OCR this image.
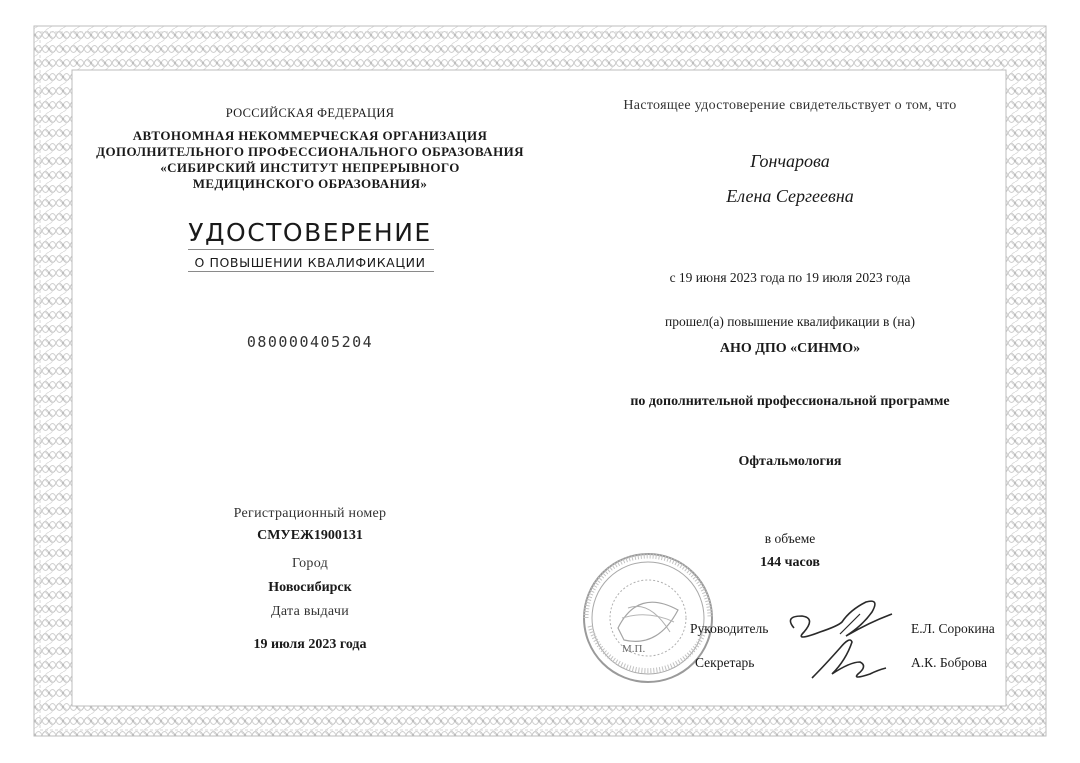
РОССИЙСКАЯ ФЕДЕРАЦИЯ
АВТОНОМНАЯ НЕКОММЕРЧЕСКАЯ ОРГАНИЗАЦИЯ
ДОПОЛНИТЕЛЬНОГО ПРОФЕССИОНАЛЬНОГО ОБРАЗОВАНИЯ
«СИБИРСКИЙ ИНСТИТУТ НЕПРЕРЫВНОГО
МЕДИЦИНСКОГО ОБРАЗОВАНИЯ»
УДОСТОВЕРЕНИЕ
О ПОВЫШЕНИИ КВАЛИФИКАЦИИ
080000405204
Регистрационный номер
СМУЕЖ1900131
Город
Новосибирск
Дата выдачи
19 июля 2023 года
Настоящее удостоверение свидетельствует о том, что
Гончарова
Елена Сергеевна
с 19 июня 2023 года по 19 июля 2023 года
прошел(а) повышение квалификации в (на)
АНО ДПО «СИНМО»
по дополнительной профессиональной программе
Офтальмология
в объеме
144 часов
М.П.
Руководитель	Е.Л. Сорокина
Секретарь	А.К. Боброва
